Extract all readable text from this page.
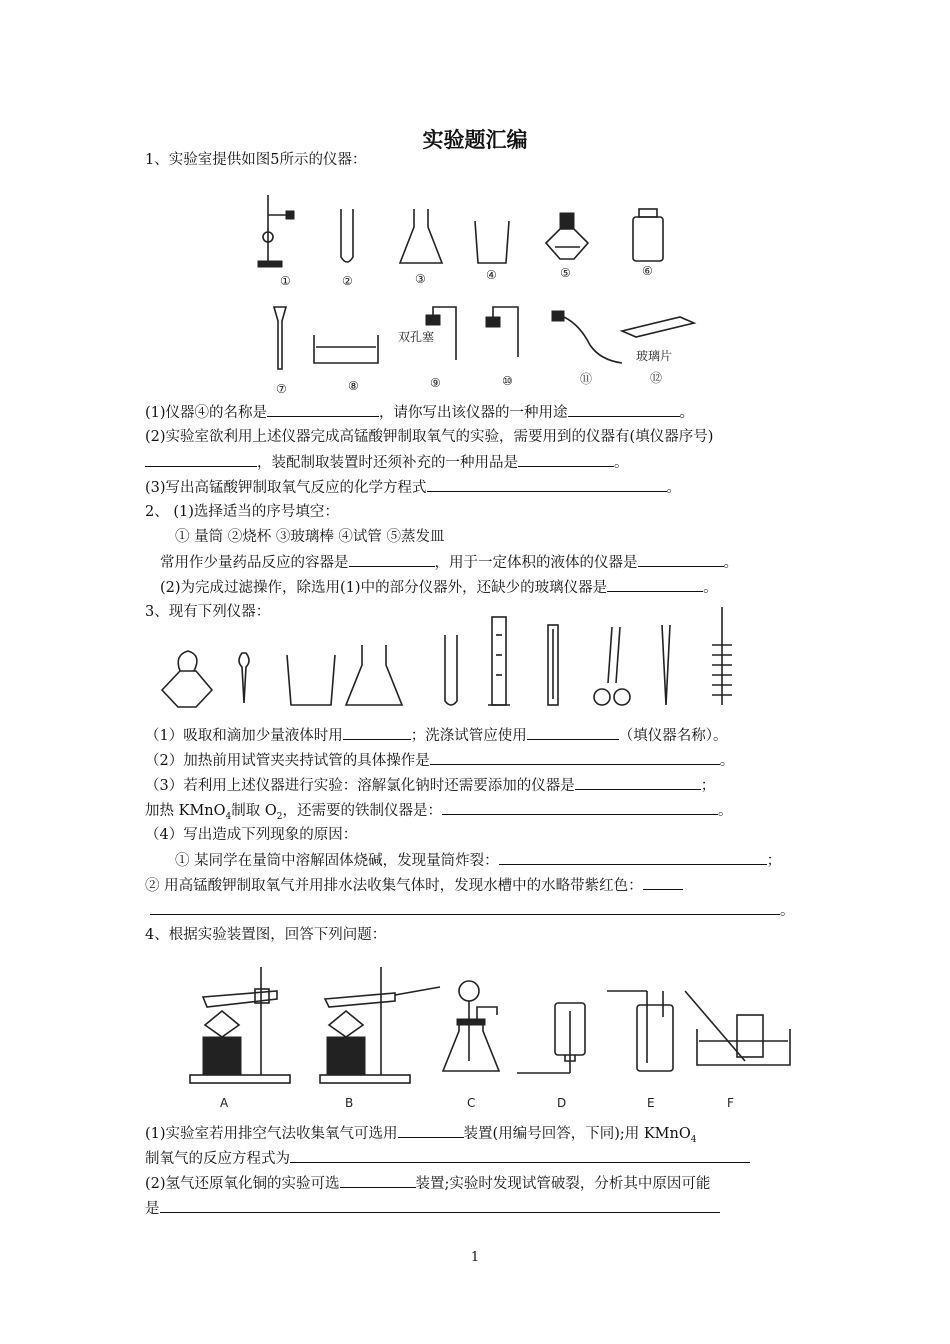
实验题汇编
1、实验室提供如图5所示的仪器：
①	②	③	④	⑤	⑥
双孔塞
玻璃片
⑦	⑧	⑨	⑩	⑪	⑫
(1)仪器④的名称是	，请你写出该仪器的一种用途	。
(2)实验室欲利用上述仪器完成高锰酸钾制取氧气的实验，需要用到的仪器有(填仪器序号)
，装配制取装置时还须补充的一种用品是	。
(3)写出高锰酸钾制取氧气反应的化学方程式	。
2、 (1)选择适当的序号填空：
① 量筒 ②烧杯 ③玻璃棒 ④试管 ⑤蒸发皿
常用作少量药品反应的容器是	，用于一定体积的液体的仪器是	。
(2)为完成过滤操作，除选用(1)中的部分仪器外，还缺少的玻璃仪器是	。
3、现有下列仪器：
（1）吸取和滴加少量液体时用	；洗涤试管应使用	（填仪器名称）。
（2）加热前用试管夹夹持试管的具体操作是	。
（3）若利用上述仪器进行实验：溶解氯化钠时还需要添加的仪器是	；
加热 KMnO$_4$制取 $O_2$，还需要的铁制仪器是：	。
（4）写出造成下列现象的原因：
① 某同学在量筒中溶解固体烧碱，发现量筒炸裂：	；
② 用高锰酸钾制取氧气并用排水法收集气体时，发现水槽中的水略带紫红色：
。
4、根据实验装置图，回答下列问题：
A	B	C	D	E	F
(1)实验室若用排空气法收集氧气可选用	装置(用编号回答，下同);用 KMnO$_4$
制氧气的反应方程式为
(2)氢气还原氧化铜的实验可选	装置;实验时发现试管破裂，分析其中原因可能
是
1
